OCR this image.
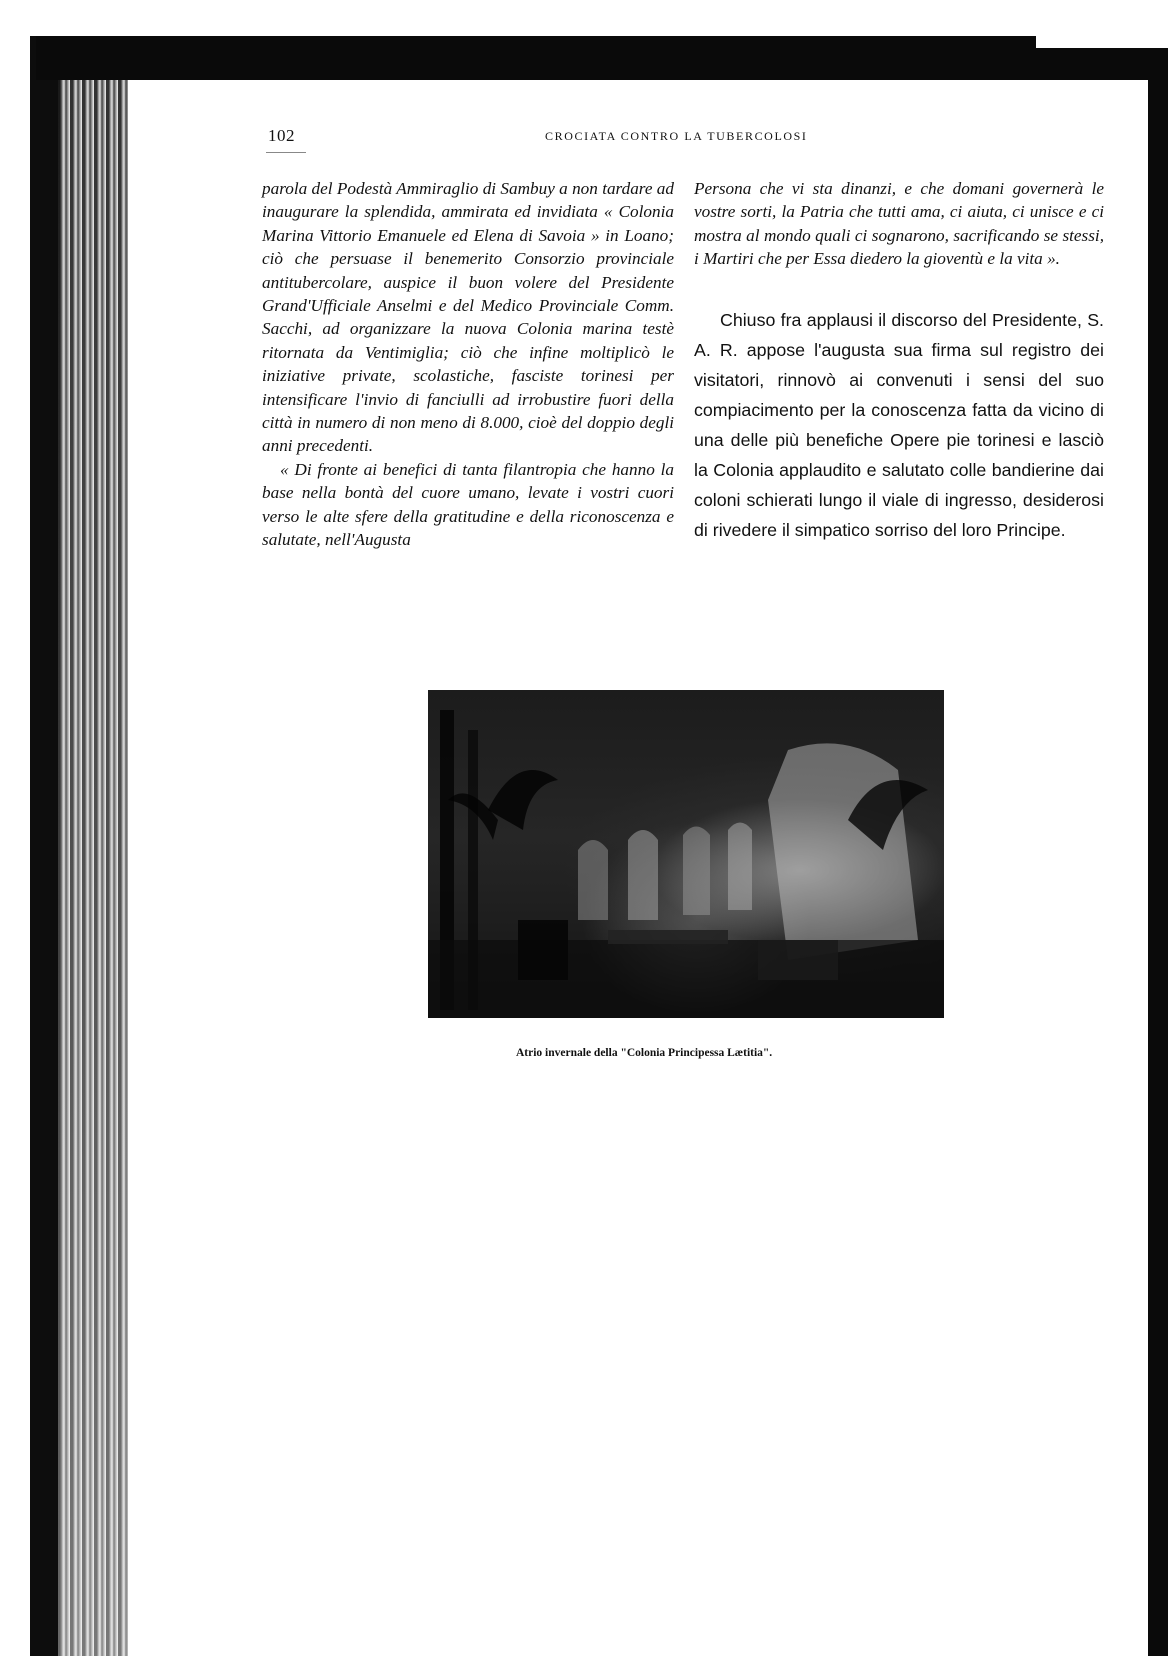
102	CROCIATA CONTRO LA TUBERCOLOSI

parola del Podestà Ammiraglio di Sambuy a non tardare ad inaugurare la splendida, ammirata ed invidiata « Colonia Marina Vittorio Emanuele ed Elena di Savoia » in Loano; ciò che persuase il benemerito Consorzio provinciale antitubercolare, auspice il buon volere del Presidente Grand'Ufficiale Anselmi e del Medico Provinciale Comm. Sacchi, ad organizzare la nuova Colonia marina testè ritornata da Ventimiglia; ciò che infine moltiplicò le iniziative private, scolastiche, fasciste torinesi per intensificare l'invio di fanciulli ad irrobustire fuori della città in numero di non meno di 8.000, cioè del doppio degli anni precedenti.

« Di fronte ai benefici di tanta filantropia che hanno la base nella bontà del cuore umano, levate i vostri cuori verso le alte sfere della gratitudine e della riconoscenza e salutate, nell'Augusta

Persona che vi sta dinanzi, e che domani governerà le vostre sorti, la Patria che tutti ama, ci aiuta, ci unisce e ci mostra al mondo quali ci sognarono, sacrificando se stessi, i Martiri che per Essa diedero la gioventù e la vita ».

Chiuso fra applausi il discorso del Presidente, S. A. R. appose l'augusta sua firma sul registro dei visitatori, rinnovò ai convenuti i sensi del suo compiacimento per la conoscenza fatta da vicino di una delle più benefiche Opere pie torinesi e lasciò la Colonia applaudito e salutato colle bandierine dai coloni schierati lungo il viale di ingresso, desiderosi di rivedere il simpatico sorriso del loro Principe.

Atrio invernale della "Colonia Principessa Lætitia".
